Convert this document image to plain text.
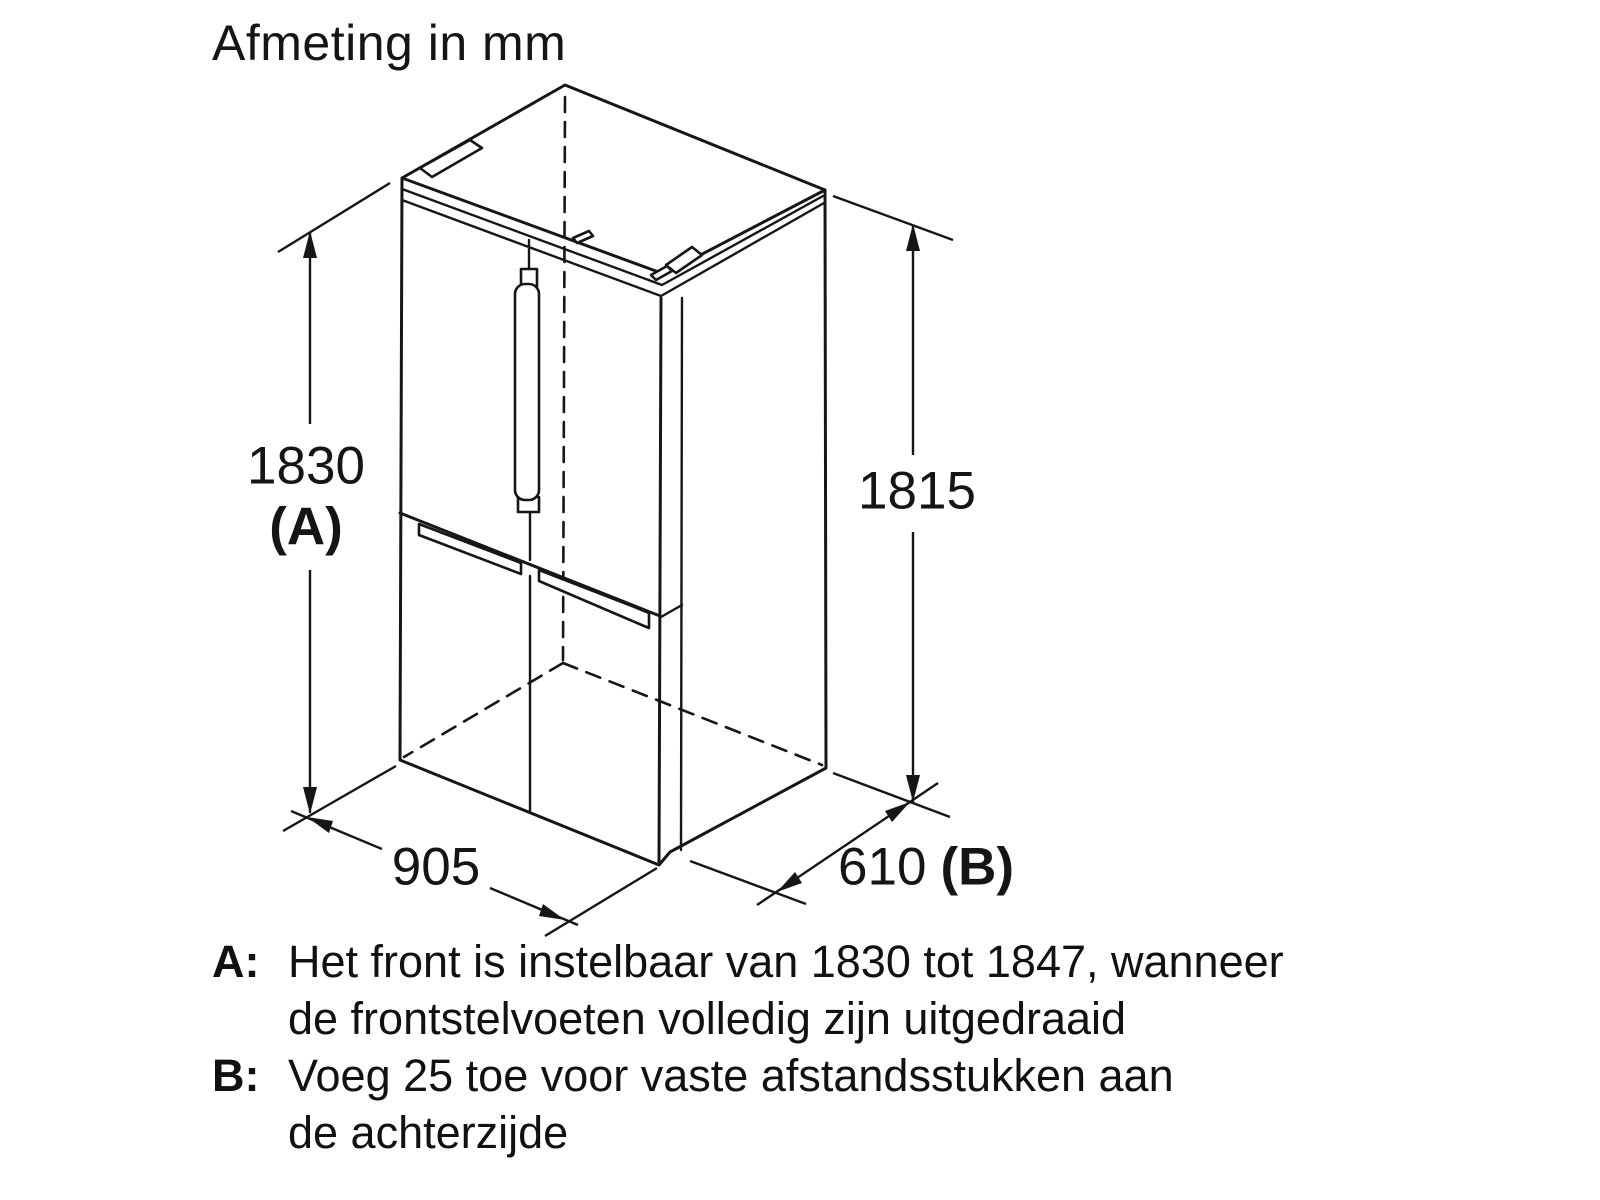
Afmeting in mm
1830
(A)
1815
905	610 (B)
A: Het front is instelbaar van 1830 tot 1847, wanneer
de frontstelvoeten volledig zijn uitgedraaid
B: Voeg 25 toe voor vaste afstandsstukken aan
de achterzijde
